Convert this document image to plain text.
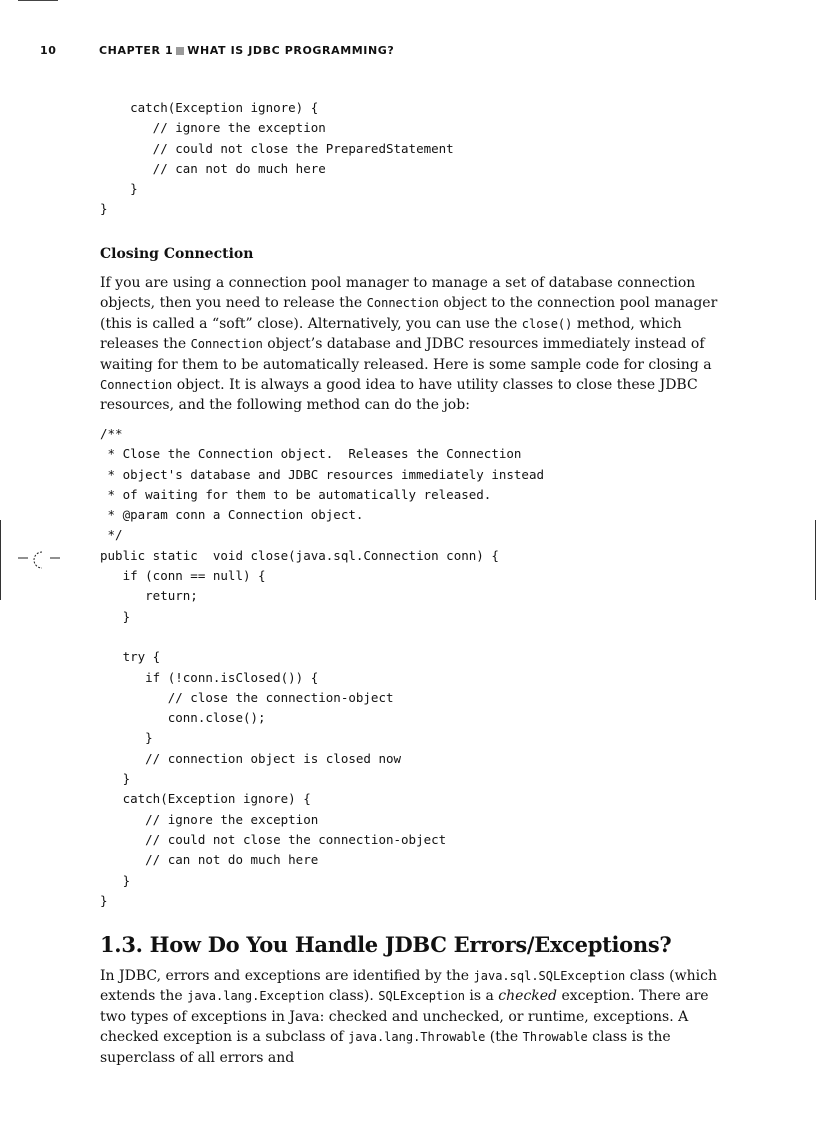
10	CHAPTER 1 WHAT IS JDBC PROGRAMMING?
catch(Exception ignore) {
// ignore the exception
// could not close the PreparedStatement
// can not do much here
}
}
Closing Connection
If you are using a connection pool manager to manage a set of database connection objects, then you need to release the Connection object to the connection pool manager (this is called a “soft” close). Alternatively, you can use the close() method, which releases the Connection object’s database and JDBC resources immediately instead of waiting for them to be automatically released. Here is some sample code for closing a Connection object. It is always a good idea to have utility classes to close these JDBC resources, and the following method can do the job:
/**
* Close the Connection object.  Releases the Connection
* object's database and JDBC resources immediately instead
* of waiting for them to be automatically released.
* @param conn a Connection object.
*/
public static  void close(java.sql.Connection conn) {
if (conn == null) {
return;
}

try {
if (!conn.isClosed()) {
// close the connection-object
conn.close();
}
// connection object is closed now
}
catch(Exception ignore) {
// ignore the exception
// could not close the connection-object
// can not do much here
}
}
1.3. How Do You Handle JDBC Errors/Exceptions?
In JDBC, errors and exceptions are identified by the java.sql.SQLException class (which extends the java.lang.Exception class). SQLException is a checked exception. There are two types of exceptions in Java: checked and unchecked, or runtime, exceptions. A checked exception is a subclass of java.lang.Throwable (the Throwable class is the superclass of all errors and
